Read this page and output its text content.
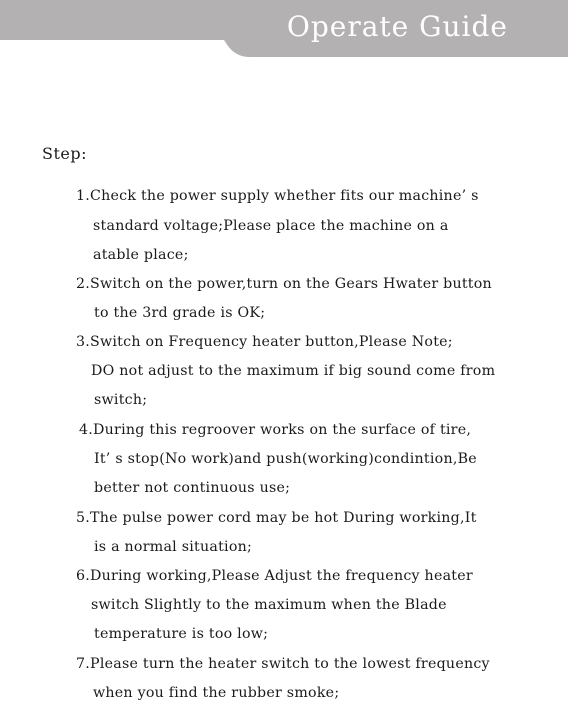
Operate Guide
Step:
1.Check the power supply whether fits our machine’ s
standard voltage;Please place the machine on a
atable place;
2.Switch on the power,turn on the Gears Hwater button
to the 3rd grade is OK;
3.Switch on Frequency heater button,Please Note;
DO not adjust to the maximum if big sound come from
switch;
4.During this regroover works on the surface of tire,
It’ s stop(No work)and push(working)condintion,Be
better not continuous use;
5.The pulse power cord may be hot During working,It
is a normal situation;
6.During working,Please Adjust the frequency heater
switch Slightly to the maximum when the Blade
temperature is too low;
7.Please turn the heater switch to the lowest frequency
when you find the rubber smoke;
